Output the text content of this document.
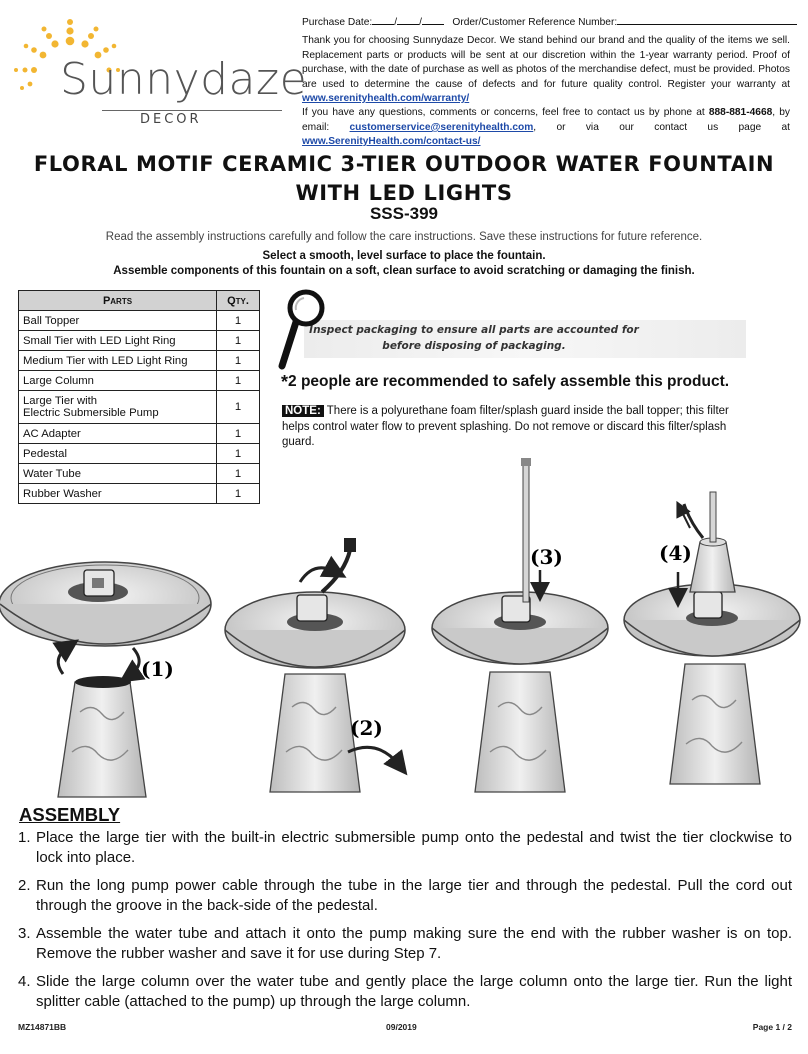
Sunnydaze
DECOR

Purchase Date: / /	Order/Customer Reference Number:

Thank you for choosing Sunnydaze Decor. We stand behind our brand and the quality of the items we sell. Replacement parts or products will be sent at our discretion within the 1-year warranty period. Proof of purchase, with the date of purchase as well as photos of the merchandise defect, must be provided. Photos are used to determine the cause of defects and for future quality control. Register your warranty at www.serenityhealth.com/warranty/

If you have any questions, comments or concerns, feel free to contact us by phone at 888-881-4668, by email: customerservice@serenityhealth.com, or via our contact us page at www.SerenityHealth.com/contact-us/

FLORAL MOTIF CERAMIC 3-TIER OUTDOOR WATER FOUNTAIN
WITH LED LIGHTS
SSS-399
Read the assembly instructions carefully and follow the care instructions. Save these instructions for future reference.
Select a smooth, level surface to place the fountain.
Assemble components of this fountain on a soft, clean surface to avoid scratching or damaging the finish.
Parts	Qty.
Ball Topper	1
Small Tier with LED Light Ring	1
Medium Tier with LED Light Ring	1
Large Column	1
Large Tier with
Electric Submersible Pump	1
AC Adapter	1
Pedestal	1
Water Tube	1
Rubber Washer	1
Inspect packaging to ensure all parts are accounted for
before disposing of packaging.
*2 people are recommended to safely assemble this product.
NOTE: There is a polyurethane foam filter/splash guard inside the ball topper; this filter helps control water flow to prevent splashing. Do not remove or discard this filter/splash guard.
(1)
(2)
(3)	(4)
ASSEMBLY
1. Place the large tier with the built-in electric submersible pump onto the pedestal and twist the tier clockwise to lock into place.
2. Run the long pump power cable through the tube in the large tier and through the pedestal. Pull the cord out through the groove in the back-side of the pedestal.
3. Assemble the water tube and attach it onto the pump making sure the end with the rubber washer is on top. Remove the rubber washer and save it for use during Step 7.
4. Slide the large column over the water tube and gently place the large column onto the large tier. Run the light splitter cable (attached to the pump) up through the large column.
MZ14871BB	09/2019	Page 1 / 2
